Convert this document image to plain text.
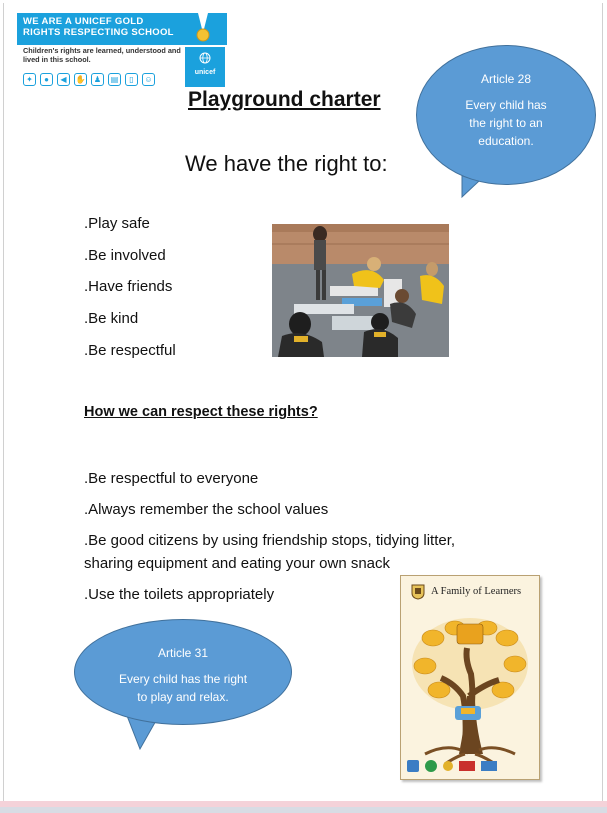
WE ARE A UNICEF GOLD
RIGHTS RESPECTING SCHOOL
Children's rights are learned, understood and lived in this school.
unicef
✦	●	◀	✋	♟	▤	▯	☺
Playground charter
We have the right to:
Article 28
Every child has
the right to an
education.
.Play safe
.Be involved
.Have friends
.Be kind
.Be respectful
How we can respect these rights?
.Be respectful to everyone
.Always remember the school values
.Be good citizens by using friendship stops, tidying litter, sharing equipment and eating your own snack
.Use the toilets appropriately
Article 31
Every child has the right
to play and relax.
A Family of Learners
